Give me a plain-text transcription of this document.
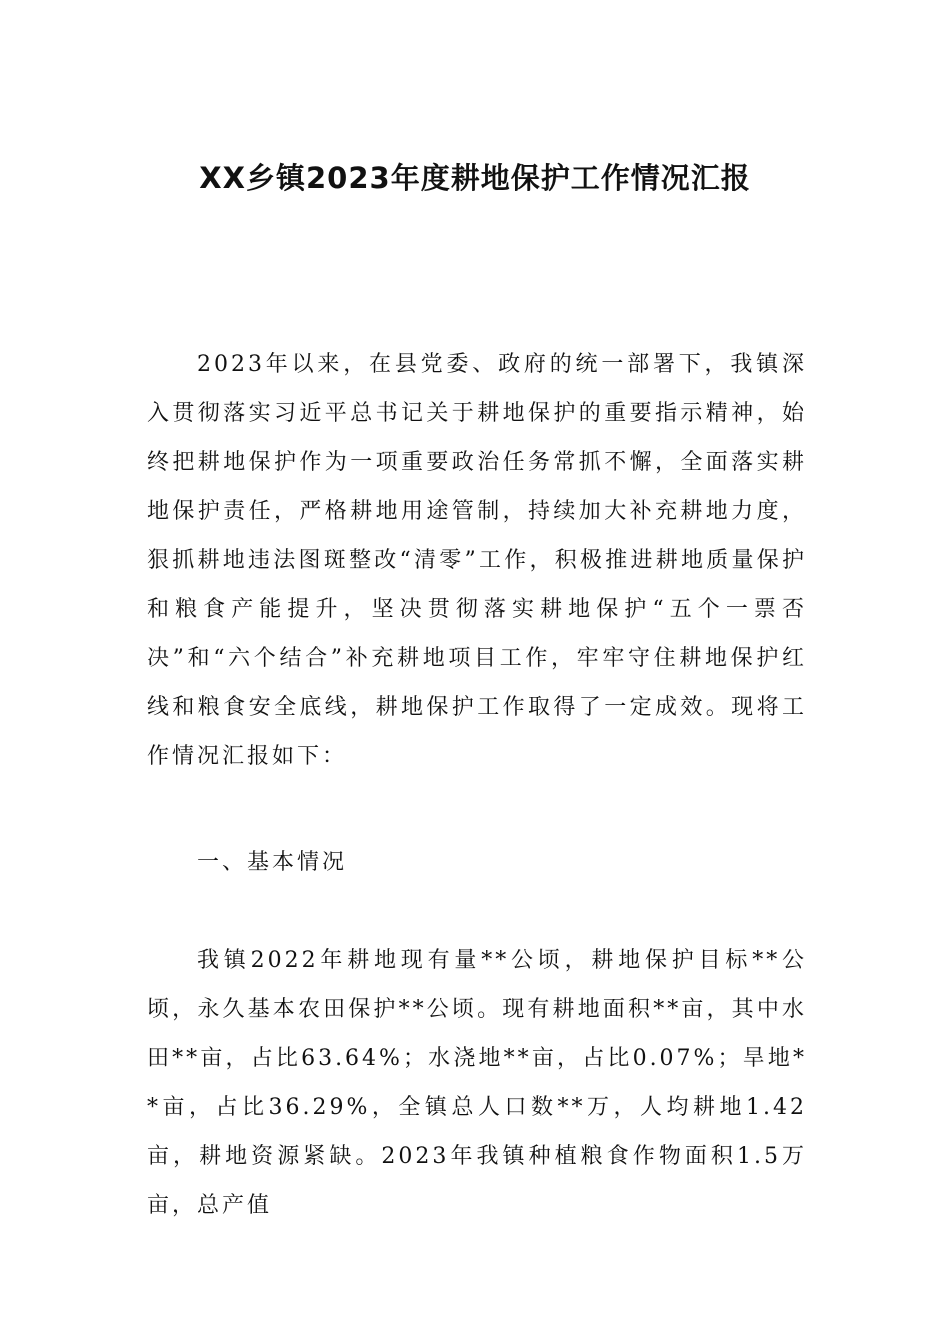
XX乡镇2023年度耕地保护工作情况汇报

2023年以来，在县党委、政府的统一部署下，我镇深入贯彻落实习近平总书记关于耕地保护的重要指示精神，始终把耕地保护作为一项重要政治任务常抓不懈，全面落实耕地保护责任，严格耕地用途管制，持续加大补充耕地力度，狠抓耕地违法图斑整改“清零”工作，积极推进耕地质量保护和粮食产能提升，坚决贯彻落实耕地保护“五个一票否决”和“六个结合”补充耕地项目工作，牢牢守住耕地保护红线和粮食安全底线，耕地保护工作取得了一定成效。现将工作情况汇报如下：

一、基本情况

我镇2022年耕地现有量**公顷，耕地保护目标**公顷，永久基本农田保护**公顷。现有耕地面积**亩，其中水田**亩，占比63.64%；水浇地**亩，占比0.07%；旱地**亩，占比36.29%，全镇总人口数**万，人均耕地1.42亩，耕地资源紧缺。2023年我镇种植粮食作物面积1.5万亩，总产值
